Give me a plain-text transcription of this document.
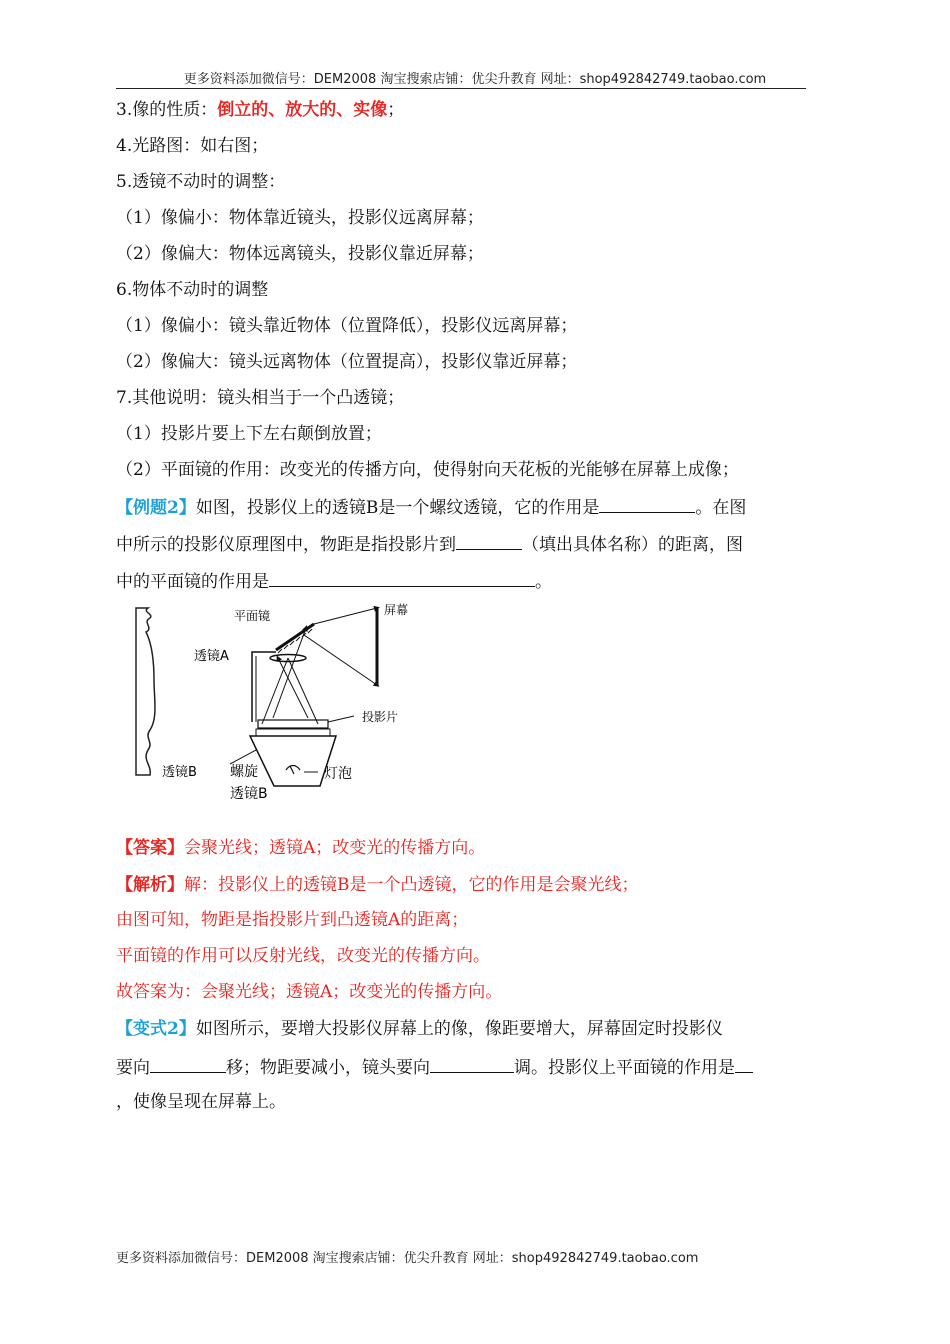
更多资料添加微信号：DEM2008 淘宝搜索店铺：优尖升教育 网址：shop492842749.taobao.com
3.像的性质：倒立的、放大的、实像；
4.光路图：如右图；
5.透镜不动时的调整：
（1）像偏小：物体靠近镜头，投影仪远离屏幕；
（2）像偏大：物体远离镜头，投影仪靠近屏幕；
6.物体不动时的调整
（1）像偏小：镜头靠近物体（位置降低），投影仪远离屏幕；
（2）像偏大：镜头远离物体（位置提高），投影仪靠近屏幕；
7.其他说明：镜头相当于一个凸透镜；
（1）投影片要上下左右颠倒放置；
（2）平面镜的作用：改变光的传播方向，使得射向天花板的光能够在屏幕上成像；
【例题2】如图，投影仪上的透镜B是一个螺纹透镜，它的作用是	。在图
中所示的投影仪原理图中，物距是指投影片到	（填出具体名称）的距离，图
中的平面镜的作用是	。
平面镜	屏幕
透镜A
投影片
透镜B 螺旋
透镜B
灯泡
【答案】会聚光线；透镜A；改变光的传播方向。
【解析】解：投影仪上的透镜B是一个凸透镜，它的作用是会聚光线；
由图可知，物距是指投影片到凸透镜A的距离；
平面镜的作用可以反射光线，改变光的传播方向。
故答案为：会聚光线；透镜A；改变光的传播方向。
【变式2】如图所示，要增大投影仪屏幕上的像，像距要增大，屏幕固定时投影仪
要向	移；物距要减小，镜头要向	调。投影仪上平面镜的作用是
，使像呈现在屏幕上。
更多资料添加微信号：DEM2008 淘宝搜索店铺：优尖升教育 网址：shop492842749.taobao.com
